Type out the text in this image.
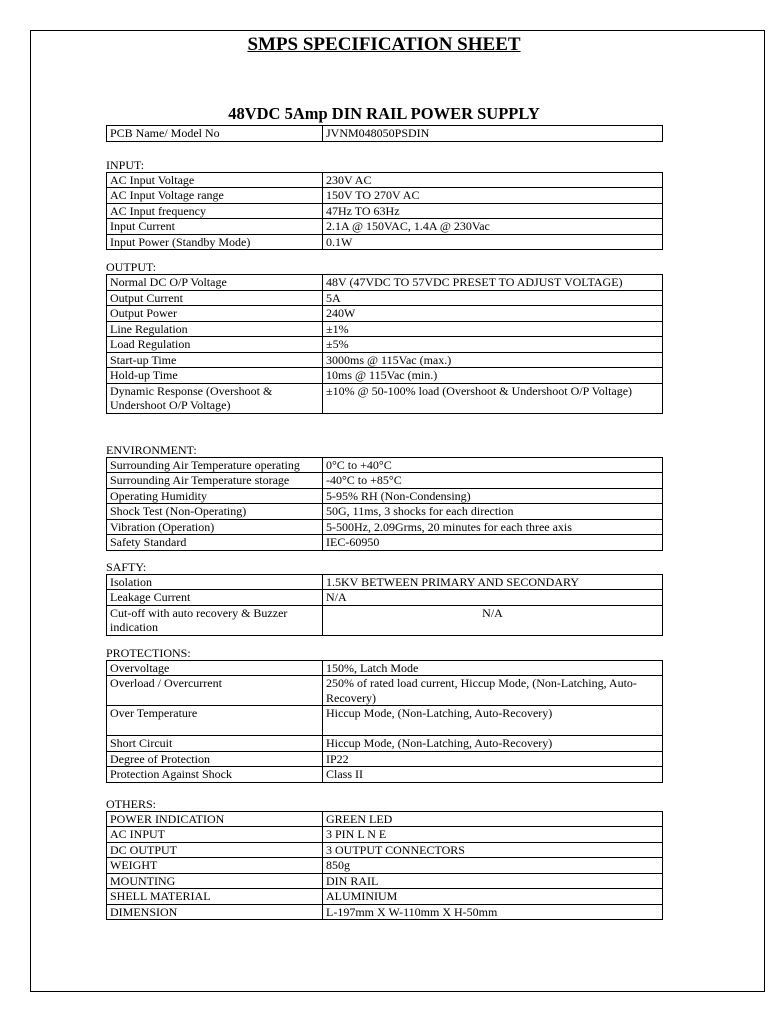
SMPS SPECIFICATION SHEET
48VDC 5Amp DIN RAIL POWER SUPPLY
PCB Name/ Model No	JVNM048050PSDIN
INPUT:
AC Input Voltage	230V AC
AC Input Voltage range	150V TO 270V AC
AC Input frequency	47Hz TO 63Hz
Input Current	2.1A @ 150VAC, 1.4A @ 230Vac
Input Power (Standby Mode)	0.1W
OUTPUT:
Normal DC O/P Voltage	48V (47VDC TO 57VDC PRESET TO ADJUST VOLTAGE)
Output Current	5A
Output Power	240W
Line Regulation	±1%
Load Regulation	±5%
Start-up Time	3000ms @ 115Vac (max.)
Hold-up Time	10ms @ 115Vac (min.)
Dynamic Response (Overshoot & Undershoot O/P Voltage)	±10% @ 50-100% load (Overshoot & Undershoot O/P Voltage)
ENVIRONMENT:
Surrounding Air Temperature operating	0°C to +40°C
Surrounding Air Temperature storage	-40°C to +85°C
Operating Humidity	5-95% RH (Non-Condensing)
Shock Test (Non-Operating)	50G, 11ms, 3 shocks for each direction
Vibration (Operation)	5-500Hz, 2.09Grms, 20 minutes for each three axis
Safety Standard	IEC-60950
SAFTY:
Isolation	1.5KV BETWEEN PRIMARY AND SECONDARY
Leakage Current	N/A
Cut-off with auto recovery & Buzzer indication	N/A
PROTECTIONS:
Overvoltage	150%, Latch Mode
Overload / Overcurrent	250% of rated load current, Hiccup Mode, (Non-Latching, Auto-Recovery)
Over Temperature	Hiccup Mode, (Non-Latching, Auto-Recovery)
Short Circuit	Hiccup Mode, (Non-Latching, Auto-Recovery)
Degree of Protection	IP22
Protection Against Shock	Class II
OTHERS:
POWER INDICATION	GREEN LED
AC INPUT	3 PIN L N E
DC OUTPUT	3 OUTPUT CONNECTORS
WEIGHT	850g
MOUNTING	DIN RAIL
SHELL MATERIAL	ALUMINIUM
DIMENSION	L-197mm X W-110mm X H-50mm
